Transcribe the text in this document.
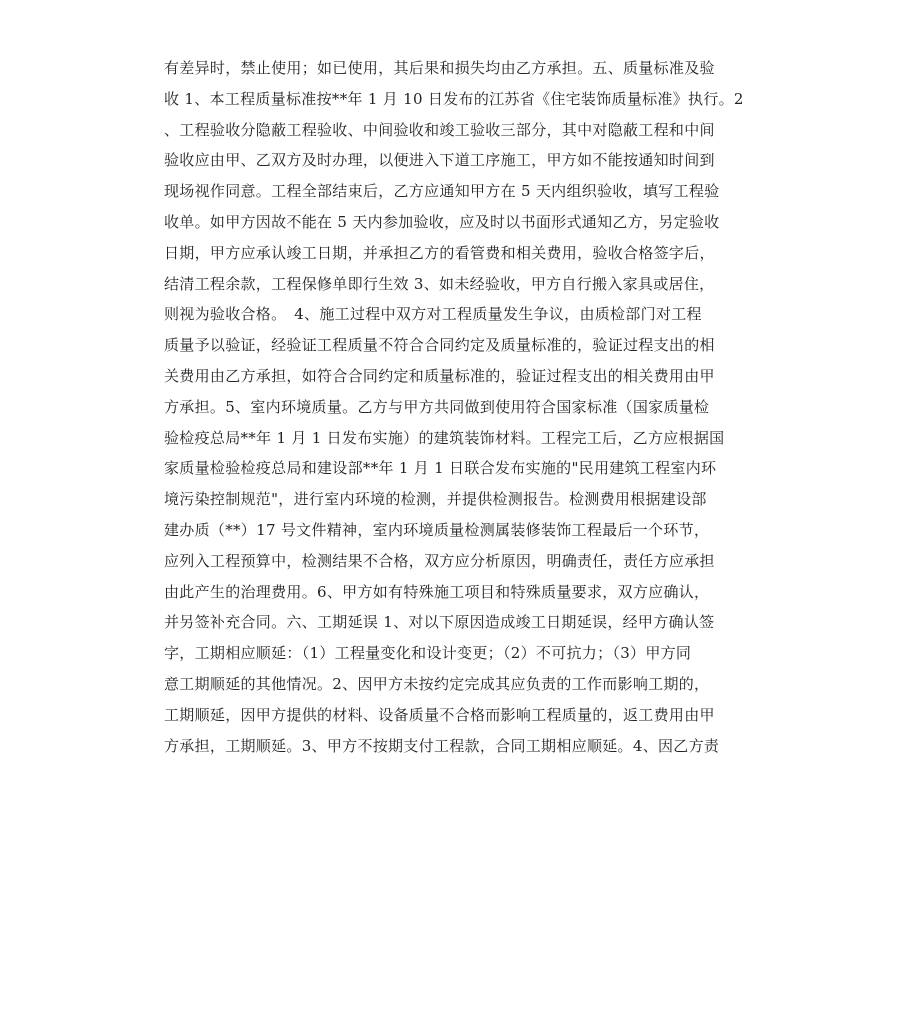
有差异时，禁止使用；如已使用，其后果和损失均由乙方承担。五、质量标准及验
收 1、本工程质量标准按**年 1 月 10 日发布的江苏省《住宅装饰质量标准》执行。2
、工程验收分隐蔽工程验收、中间验收和竣工验收三部分，其中对隐蔽工程和中间
验收应由甲、乙双方及时办理，以便进入下道工序施工，甲方如不能按通知时间到
现场视作同意。工程全部结束后，乙方应通知甲方在 5 天内组织验收，填写工程验
收单。如甲方因故不能在 5 天内参加验收，应及时以书面形式通知乙方，另定验收
日期，甲方应承认竣工日期，并承担乙方的看管费和相关费用，验收合格签字后，
结清工程余款，工程保修单即行生效 3、如未经验收，甲方自行搬入家具或居住，
则视为验收合格。　4、施工过程中双方对工程质量发生争议，由质检部门对工程
质量予以验证，经验证工程质量不符合合同约定及质量标准的，验证过程支出的相
关费用由乙方承担，如符合合同约定和质量标准的，验证过程支出的相关费用由甲
方承担。5、室内环境质量。乙方与甲方共同做到使用符合国家标准（国家质量检
验检疫总局**年 1 月 1 日发布实施）的建筑装饰材料。工程完工后，乙方应根据国
家质量检验检疫总局和建设部**年 1 月 1 日联合发布实施的"民用建筑工程室内环
境污染控制规范"，进行室内环境的检测，并提供检测报告。检测费用根据建设部
建办质（**）17 号文件精神，室内环境质量检测属装修装饰工程最后一个环节，
应列入工程预算中，检测结果不合格，双方应分析原因，明确责任，责任方应承担
由此产生的治理费用。6、甲方如有特殊施工项目和特殊质量要求，双方应确认，
并另签补充合同。六、工期延误 1、对以下原因造成竣工日期延误，经甲方确认签
字，工期相应顺延：（1）工程量变化和设计变更；（2）不可抗力；（3）甲方同
意工期顺延的其他情况。2、因甲方未按约定完成其应负责的工作而影响工期的，
工期顺延，因甲方提供的材料、设备质量不合格而影响工程质量的，返工费用由甲
方承担，工期顺延。3、甲方不按期支付工程款，合同工期相应顺延。4、因乙方责
